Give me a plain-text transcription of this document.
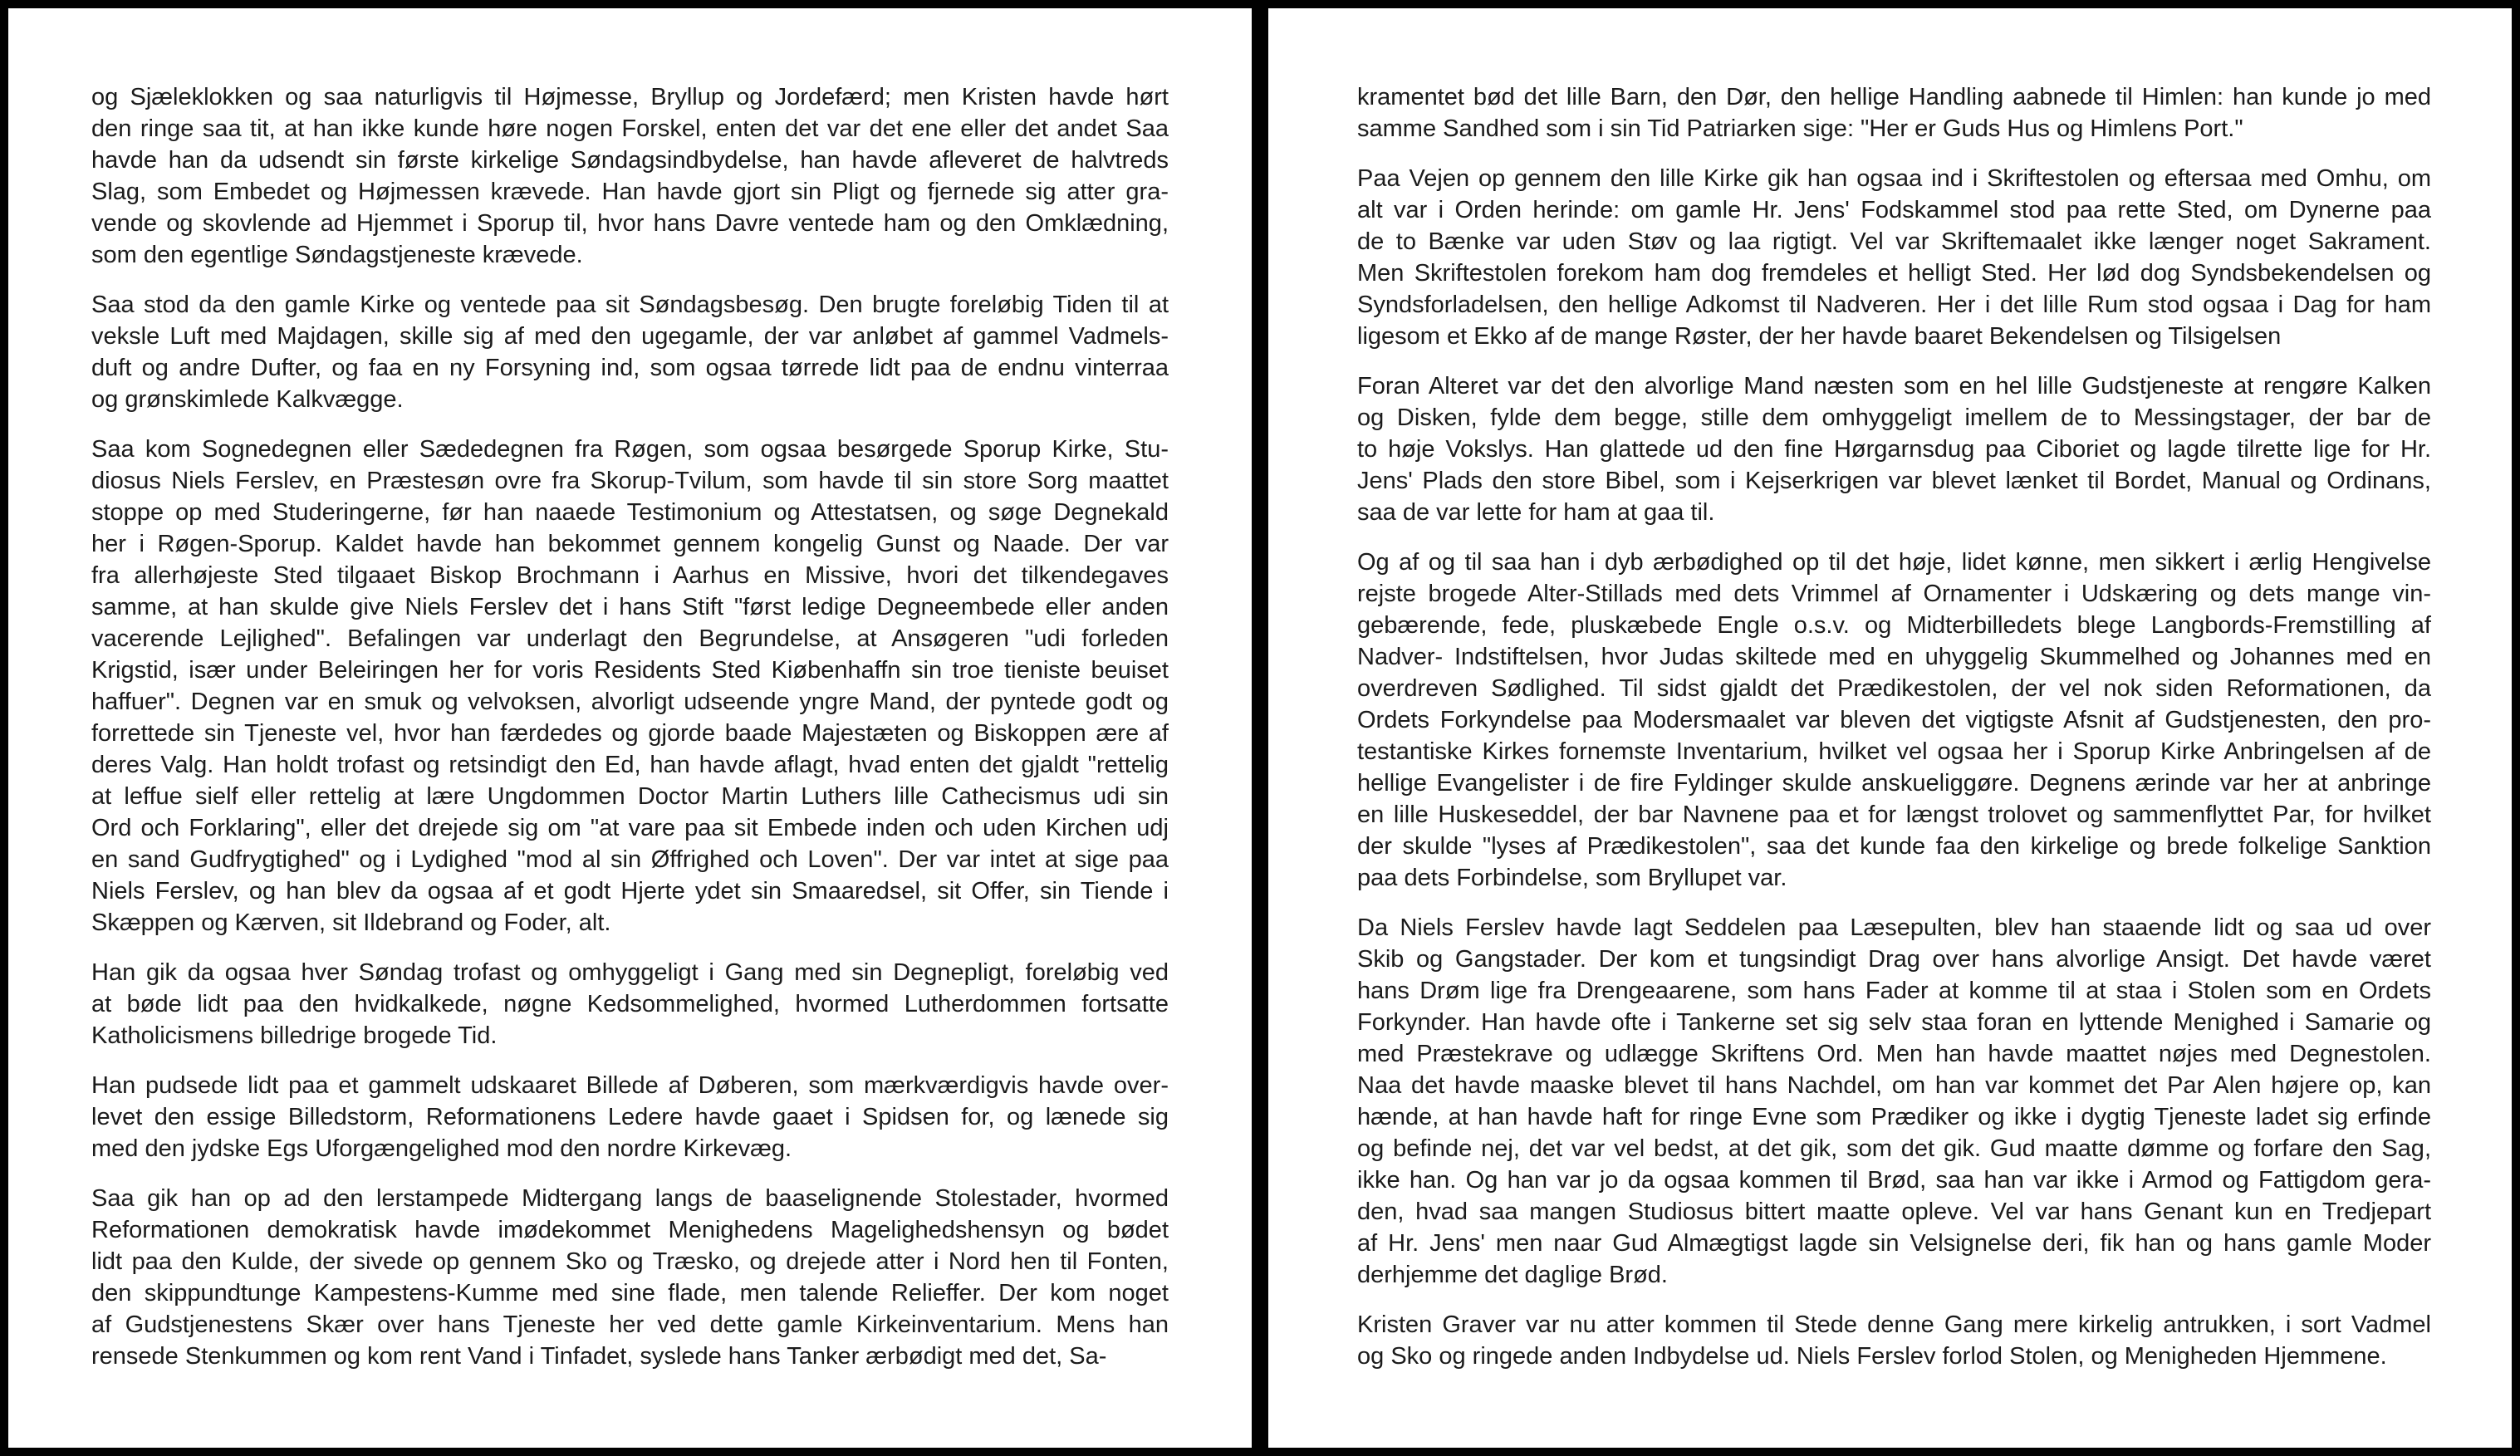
og Sjæleklokken og saa naturligvis til Højmesse, Bryllup og Jordefærd; men Kristen havde hørt
den ringe saa tit, at han ikke kunde høre nogen Forskel, enten det var det ene eller det andet Saa
havde han da udsendt sin første kirkelige Søndagsindbydelse, han havde afleveret de halvtreds
Slag, som Embedet og Højmessen krævede. Han havde gjort sin Pligt og fjernede sig atter gra-
vende og skovlende ad Hjemmet i Sporup til, hvor hans Davre ventede ham og den Omklædning,
som den egentlige Søndagstjeneste krævede.
Saa stod da den gamle Kirke og ventede paa sit Søndagsbesøg. Den brugte foreløbig Tiden til at
veksle Luft med Majdagen, skille sig af med den ugegamle, der var anløbet af gammel Vadmels-
duft og andre Dufter, og faa en ny Forsyning ind, som ogsaa tørrede lidt paa de endnu vinterraa
og grønskimlede Kalkvægge.
Saa kom Sognedegnen eller Sædedegnen fra Røgen, som ogsaa besørgede Sporup Kirke, Stu-
diosus Niels Ferslev, en Præstesøn ovre fra Skorup-Tvilum, som havde til sin store Sorg maattet
stoppe op med Studeringerne, før han naaede Testimonium og Attestatsen, og søge Degnekald
her i Røgen-Sporup. Kaldet havde han bekommet gennem kongelig Gunst og Naade. Der var
fra allerhøjeste Sted tilgaaet Biskop Brochmann i Aarhus en Missive, hvori det tilkendegaves
samme, at han skulde give Niels Ferslev det i hans Stift "først ledige Degneembede eller anden
vacerende Lejlighed". Befalingen var underlagt den Begrundelse, at Ansøgeren "udi forleden
Krigstid, især under Beleiringen her for voris Residents Sted Kiøbenhaffn sin troe tieniste beuiset
haffuer". Degnen var en smuk og velvoksen, alvorligt udseende yngre Mand, der pyntede godt og
forrettede sin Tjeneste vel, hvor han færdedes og gjorde baade Majestæten og Biskoppen ære af
deres Valg. Han holdt trofast og retsindigt den Ed, han havde aflagt, hvad enten det gjaldt "rettelig
at leffue sielf eller rettelig at lære Ungdommen Doctor Martin Luthers lille Cathecismus udi sin
Ord och Forklaring", eller det drejede sig om "at vare paa sit Embede inden och uden Kirchen udj
en sand Gudfrygtighed" og i Lydighed "mod al sin Øffrighed och Loven". Der var intet at sige paa
Niels Ferslev, og han blev da ogsaa af et godt Hjerte ydet sin Smaaredsel, sit Offer, sin Tiende i
Skæppen og Kærven, sit Ildebrand og Foder, alt.
Han gik da ogsaa hver Søndag trofast og omhyggeligt i Gang med sin Degnepligt, foreløbig ved
at bøde lidt paa den hvidkalkede, nøgne Kedsommelighed, hvormed Lutherdommen fortsatte
Katholicismens billedrige brogede Tid.
Han pudsede lidt paa et gammelt udskaaret Billede af Døberen, som mærkværdigvis havde over-
levet den essige Billedstorm, Reformationens Ledere havde gaaet i Spidsen for, og lænede sig
med den jydske Egs Uforgængelighed mod den nordre Kirkevæg.
Saa gik han op ad den lerstampede Midtergang langs de baaselignende Stolestader, hvormed
Reformationen demokratisk havde imødekommet Menighedens Magelighedshensyn og bødet
lidt paa den Kulde, der sivede op gennem Sko og Træsko, og drejede atter i Nord hen til Fonten,
den skippundtunge Kampestens-Kumme med sine flade, men talende Relieffer. Der kom noget
af Gudstjenestens Skær over hans Tjeneste her ved dette gamle Kirkeinventarium. Mens han
rensede Stenkummen og kom rent Vand i Tinfadet, syslede hans Tanker ærbødigt med det, Sa-
kramentet bød det lille Barn, den Dør, den hellige Handling aabnede til Himlen: han kunde jo med
samme Sandhed som i sin Tid Patriarken sige: "Her er Guds Hus og Himlens Port."
Paa Vejen op gennem den lille Kirke gik han ogsaa ind i Skriftestolen og eftersaa med Omhu, om
alt var i Orden herinde: om gamle Hr. Jens' Fodskammel stod paa rette Sted, om Dynerne paa
de to Bænke var uden Støv og laa rigtigt. Vel var Skriftemaalet ikke længer noget Sakrament.
Men Skriftestolen forekom ham dog fremdeles et helligt Sted. Her lød dog Syndsbekendelsen og
Syndsforladelsen, den hellige Adkomst til Nadveren. Her i det lille Rum stod ogsaa i Dag for ham
ligesom et Ekko af de mange Røster, der her havde baaret Bekendelsen og Tilsigelsen
Foran Alteret var det den alvorlige Mand næsten som en hel lille Gudstjeneste at rengøre Kalken
og Disken, fylde dem begge, stille dem omhyggeligt imellem de to Messingstager, der bar de
to høje Vokslys. Han glattede ud den fine Hørgarnsdug paa Ciboriet og lagde tilrette lige for Hr.
Jens' Plads den store Bibel, som i Kejserkrigen var blevet lænket til Bordet, Manual og Ordinans,
saa de var lette for ham at gaa til.
Og af og til saa han i dyb ærbødighed op til det høje, lidet kønne, men sikkert i ærlig Hengivelse
rejste brogede Alter-Stillads med dets Vrimmel af Ornamenter i Udskæring og dets mange vin-
gebærende, fede, pluskæbede Engle o.s.v. og Midterbilledets blege Langbords-Fremstilling af
Nadver- Indstiftelsen, hvor Judas skiltede med en uhyggelig Skummelhed og Johannes med en
overdreven Sødlighed. Til sidst gjaldt det Prædikestolen, der vel nok siden Reformationen, da
Ordets Forkyndelse paa Modersmaalet var bleven det vigtigste Afsnit af Gudstjenesten, den pro-
testantiske Kirkes fornemste Inventarium, hvilket vel ogsaa her i Sporup Kirke Anbringelsen af de
hellige Evangelister i de fire Fyldinger skulde anskueliggøre. Degnens ærinde var her at anbringe
en lille Huskeseddel, der bar Navnene paa et for længst trolovet og sammenflyttet Par, for hvilket
der skulde "lyses af Prædikestolen", saa det kunde faa den kirkelige og brede folkelige Sanktion
paa dets Forbindelse, som Bryllupet var.
Da Niels Ferslev havde lagt Seddelen paa Læsepulten, blev han staaende lidt og saa ud over
Skib og Gangstader. Der kom et tungsindigt Drag over hans alvorlige Ansigt. Det havde været
hans Drøm lige fra Drengeaarene, som hans Fader at komme til at staa i Stolen som en Ordets
Forkynder. Han havde ofte i Tankerne set sig selv staa foran en lyttende Menighed i Samarie og
med Præstekrave og udlægge Skriftens Ord. Men han havde maattet nøjes med Degnestolen.
Naa det havde maaske blevet til hans Nachdel, om han var kommet det Par Alen højere op, kan
hænde, at han havde haft for ringe Evne som Prædiker og ikke i dygtig Tjeneste ladet sig erfinde
og befinde nej, det var vel bedst, at det gik, som det gik. Gud maatte dømme og forfare den Sag,
ikke han. Og han var jo da ogsaa kommen til Brød, saa han var ikke i Armod og Fattigdom gera-
den, hvad saa mangen Studiosus bittert maatte opleve. Vel var hans Genant kun en Tredjepart
af Hr. Jens' men naar Gud Almægtigst lagde sin Velsignelse deri, fik han og hans gamle Moder
derhjemme det daglige Brød.
Kristen Graver var nu atter kommen til Stede denne Gang mere kirkelig antrukken, i sort Vadmel
og Sko og ringede anden Indbydelse ud. Niels Ferslev forlod Stolen, og Menigheden Hjemmene.
